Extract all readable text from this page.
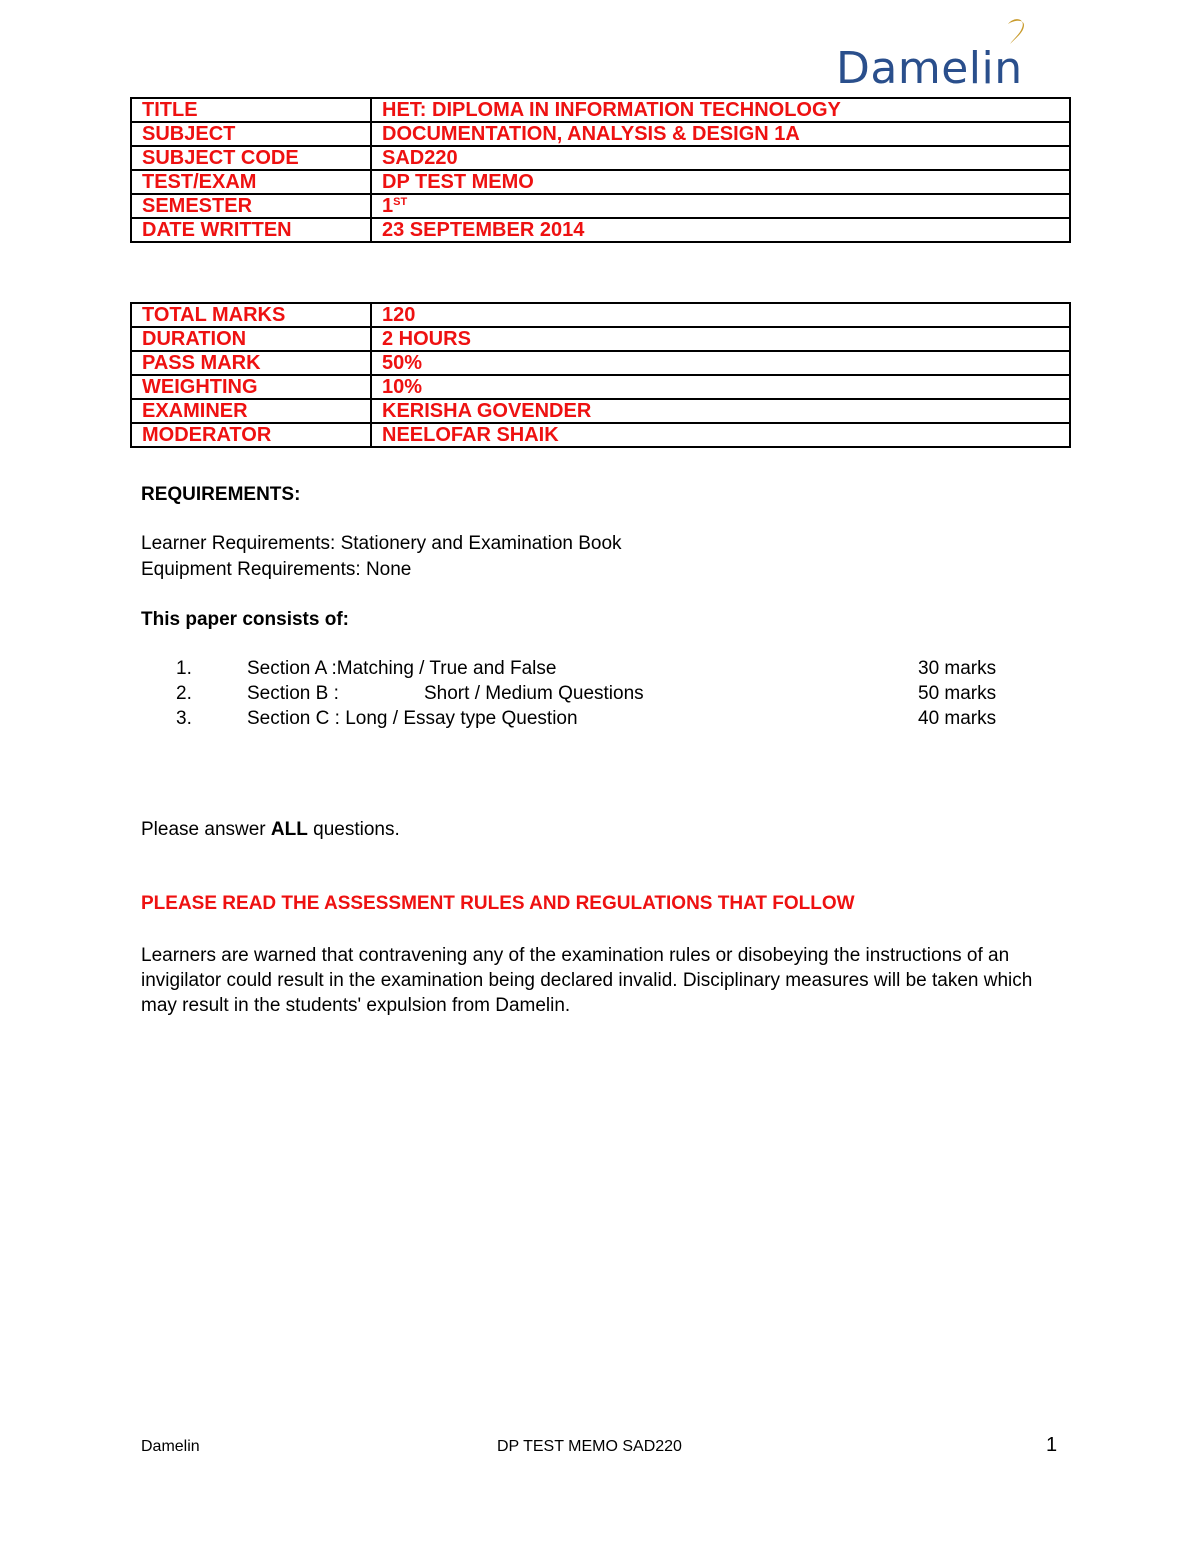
Damelin
TITLE	HET: DIPLOMA IN INFORMATION TECHNOLOGY
SUBJECT	DOCUMENTATION, ANALYSIS & DESIGN 1A
SUBJECT CODE	SAD220
TEST/EXAM	DP TEST MEMO
SEMESTER	1ST
DATE WRITTEN	23 SEPTEMBER 2014
TOTAL MARKS	120
DURATION	2 HOURS
PASS MARK	50%
WEIGHTING	10%
EXAMINER	KERISHA GOVENDER
MODERATOR	NEELOFAR SHAIK
REQUIREMENTS:
Learner Requirements: Stationery and Examination Book
Equipment Requirements: None
This paper consists of:
1.	Section A :Matching / True and False	30 marks
2.	Section B :	Short / Medium Questions	50 marks
3.	Section C : Long / Essay type Question	40 marks
Please answer ALL questions.
PLEASE READ THE ASSESSMENT RULES AND REGULATIONS THAT FOLLOW
Learners are warned that contravening any of the examination rules or disobeying the instructions of an invigilator could result in the examination being declared invalid. Disciplinary measures will be taken which may result in the students' expulsion from Damelin.
Damelin	DP TEST MEMO SAD220	1
